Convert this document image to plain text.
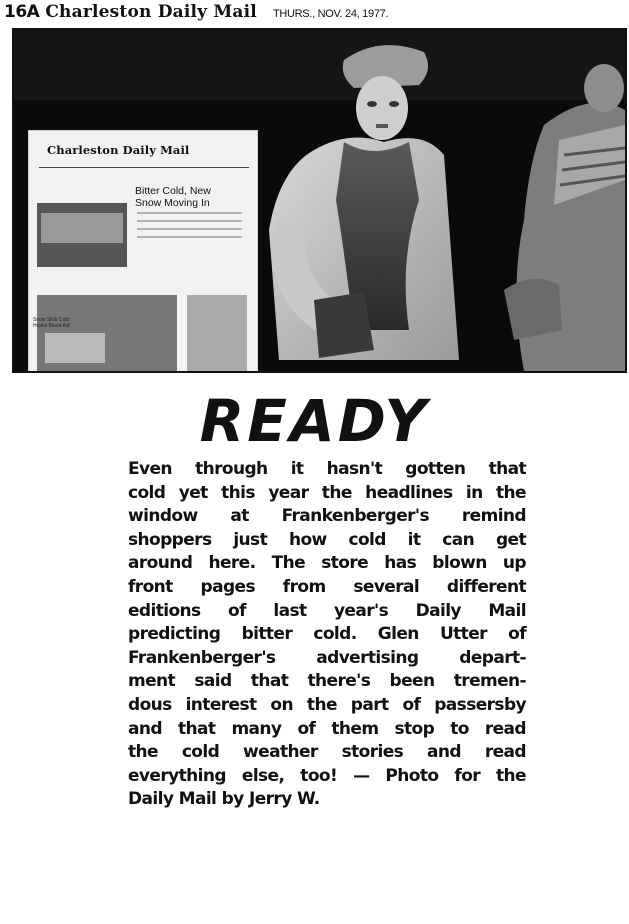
16A Charleston Daily Mail THURS., NOV. 24, 1977.
Charleston Daily Mail
Bitter Cold, New
Snow Moving In
Snow Slick Cold Hooks Blood Aid
READY
Even through it hasn't gotten that
cold yet this year the headlines in the
window at Frankenberger's remind
shoppers just how cold it can get
around here. The store has blown up
front pages from several different
editions of last year's Daily Mail
predicting bitter cold. Glen Utter of
Frankenberger's advertising depart-
ment said that there's been tremen-
dous interest on the part of passersby
and that many of them stop to read
the cold weather stories and read
everything else, too! — Photo for the
Daily Mail by Jerry W.
